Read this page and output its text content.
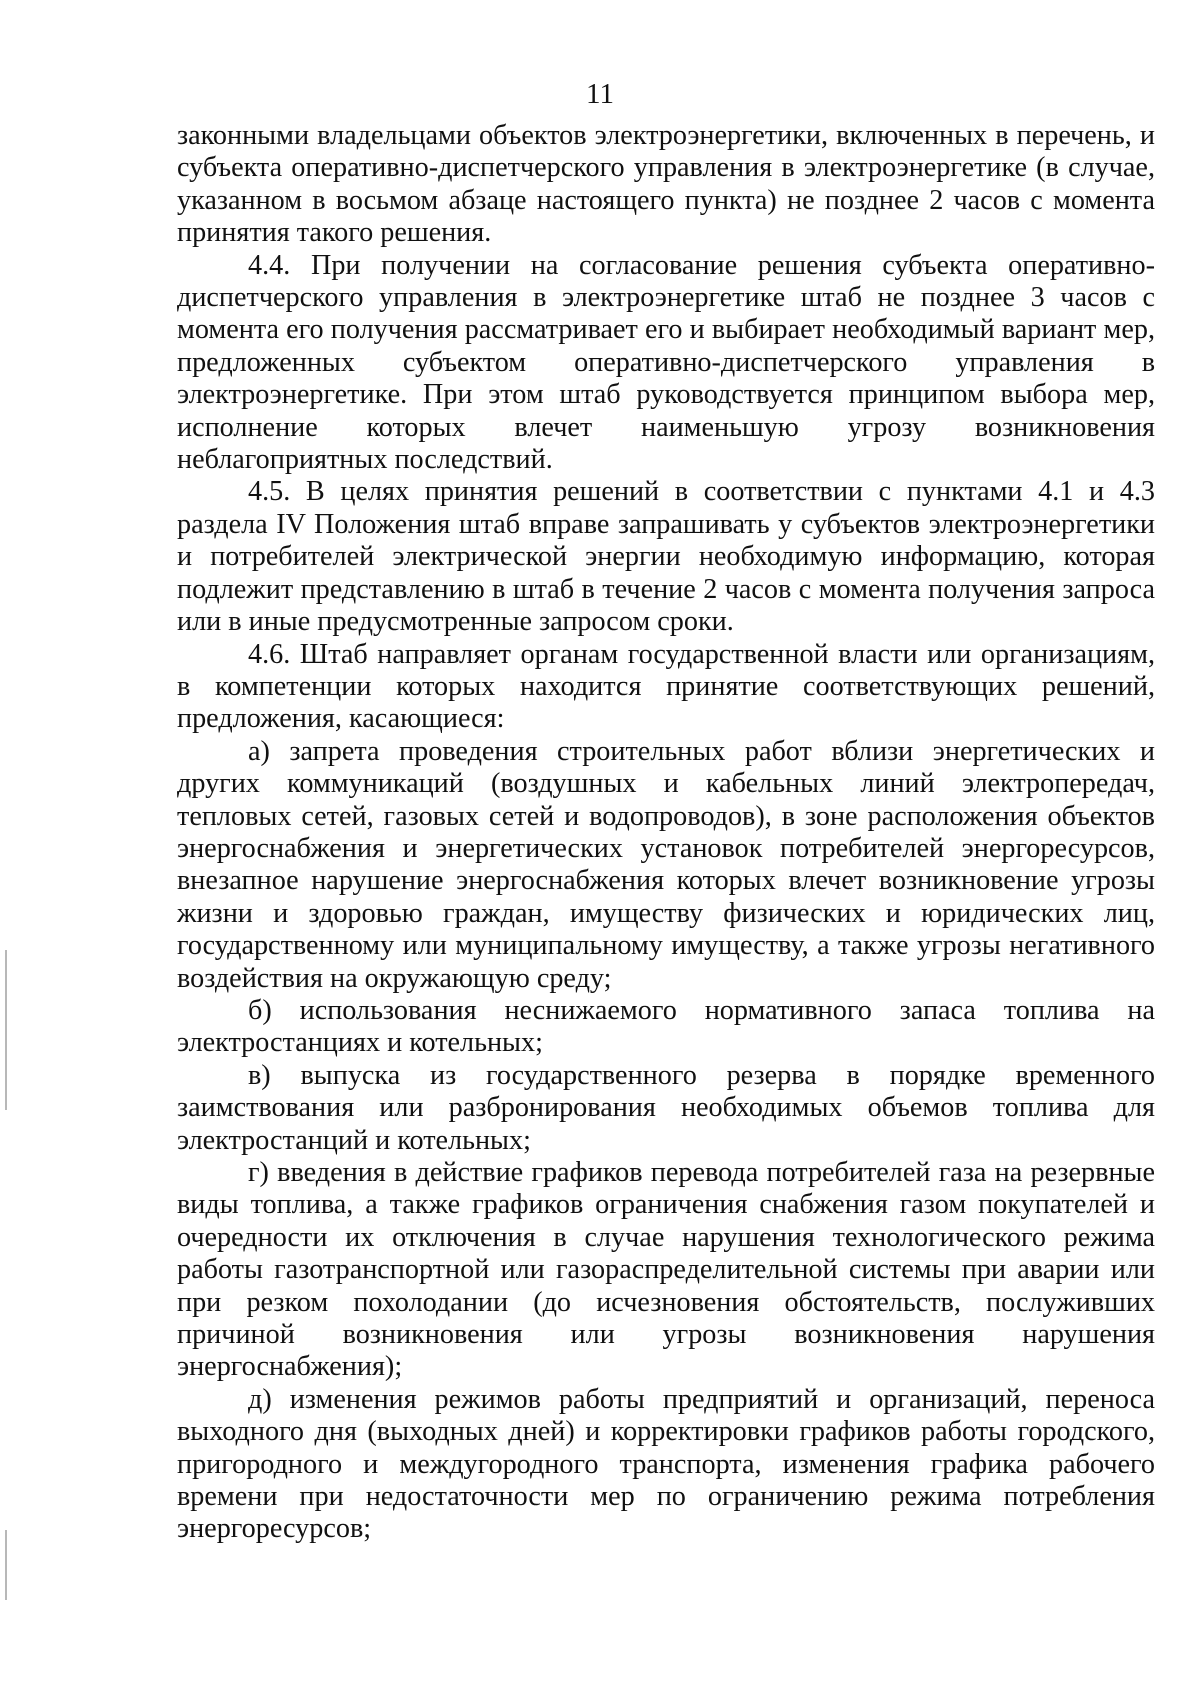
11

законными владельцами объектов электроэнергетики, включенных в перечень, и субъекта оперативно-диспетчерского управления в электроэнергетике (в случае, указанном в восьмом абзаце настоящего пункта) не позднее 2 часов с момента принятия такого решения.

4.4. При получении на согласование решения субъекта оперативно-диспетчерского управления в электроэнергетике штаб не позднее 3 часов с момента его получения рассматривает его и выбирает необходимый вариант мер, предложенных субъектом оперативно-диспетчерского управления в электроэнергетике. При этом штаб руководствуется принципом выбора мер, исполнение которых влечет наименьшую угрозу возникновения неблагоприятных последствий.

4.5. В целях принятия решений в соответствии с пунктами 4.1 и 4.3 раздела IV Положения штаб вправе запрашивать у субъектов электроэнергетики и потребителей электрической энергии необходимую информацию, которая подлежит представлению в штаб в течение 2 часов с момента получения запроса или в иные предусмотренные запросом сроки.

4.6. Штаб направляет органам государственной власти или организациям, в компетенции которых находится принятие соответствующих решений, предложения, касающиеся:

а) запрета проведения строительных работ вблизи энергетических и других коммуникаций (воздушных и кабельных линий электропередач, тепловых сетей, газовых сетей и водопроводов), в зоне расположения объектов энергоснабжения и энергетических установок потребителей энергоресурсов, внезапное нарушение энергоснабжения которых влечет возникновение угрозы жизни и здоровью граждан, имуществу физических и юридических лиц, государственному или муниципальному имуществу, а также угрозы негативного воздействия на окружающую среду;

б) использования неснижаемого нормативного запаса топлива на электростанциях и котельных;

в) выпуска из государственного резерва в порядке временного заимствования или разбронирования необходимых объемов топлива для электростанций и котельных;

г) введения в действие графиков перевода потребителей газа на резервные виды топлива, а также графиков ограничения снабжения газом покупателей и очередности их отключения в случае нарушения технологического режима работы газотранспортной или газораспределительной системы при аварии или при резком похолодании (до исчезновения обстоятельств, послуживших причиной возникновения или угрозы возникновения нарушения энергоснабжения);

д) изменения режимов работы предприятий и организаций, переноса выходного дня (выходных дней) и корректировки графиков работы городского, пригородного и междугородного транспорта, изменения графика рабочего времени при недостаточности мер по ограничению режима потребления энергоресурсов;
